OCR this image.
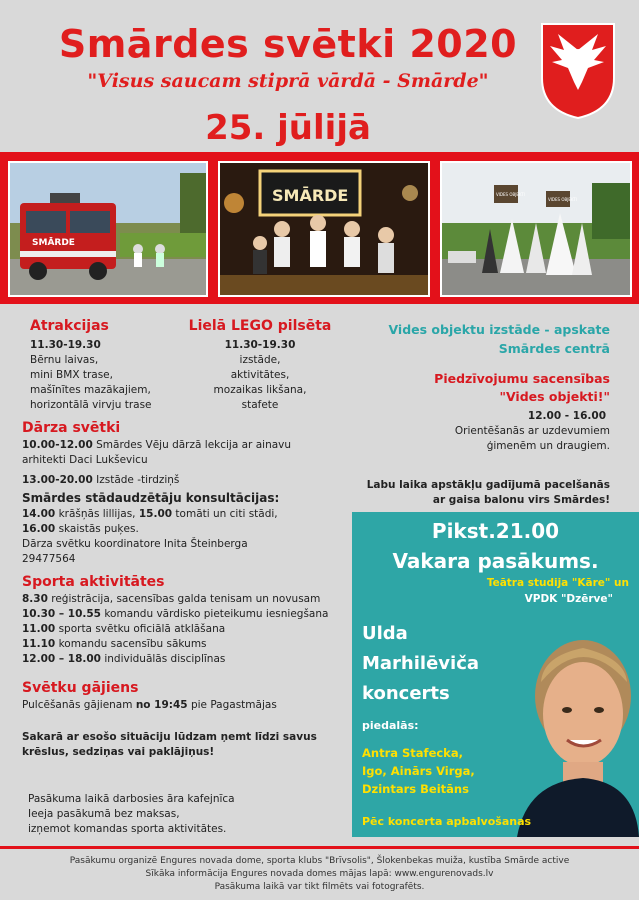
Smārdes svētki 2020
"Visus saucam stiprā vārdā - Smārde"
25. jūlijā
SMĀRDE
SMĀRDE	VIDES OBJEKTI
VIDES OBJEKTI
Atrakcijas
11.30-19.30
Bērnu laivas,
mini BMX trase,
mašīnītes mazākajiem,
horizontālā virvju trase
Lielā LEGO pilsēta
11.30-19.30
izstāde,
aktivitātes,
mozaikas likšana,
stafete
Vides objektu izstāde - apskate
Smārdes centrā
Piedzīvojumu sacensības
"Vides objekti!"
12.00 - 16.00
Orientēšanās ar uzdevumiem
ģimenēm un draugiem.
Labu laika apstākļu gadījumā pacelšanās
ar gaisa balonu virs Smārdes!
Dārza svētki
10.00-12.00 Smārdes Vēju dārzā lekcija ar ainavu
arhitekti Daci Lukševicu
13.00-20.00 Izstāde -tirdziņš
Smārdes stādaudzētāju konsultācijas:
14.00 krāšņās lillijas, 15.00 tomāti un citi stādi,
16.00 skaistās puķes.
Dārza svētku koordinatore Inita Šteinberga
29477564
Sporta aktivitātes
8.30 reģistrācija, sacensības galda tenisam un novusam
10.30 – 10.55 komandu vārdisko pieteikumu iesniegšana
11.00 sporta svētku oficiālā atklāšana
11.10 komandu sacensību sākums
12.00 – 18.00 individuālās disciplīnas
Svētku gājiens
Pulcēšanās gājienam no 19:45 pie Pagastmājas
Sakarā ar esošo situāciju lūdzam ņemt līdzi savus
krēslus, sedziņas vai paklājiņus!
Pasākuma laikā darbosies āra kafejnīca
Ieeja pasākumā bez maksas,
izņemot komandas sporta aktivitātes.
Pikst.21.00
Vakara pasākums.
Teātra studija "Kāre" un
VPDK "Dzērve"
Ulda
Marhilēviča
koncerts
piedalās:
Antra Stafecka,
Igo, Ainārs Virga,
Dzintars Beitāns
Pēc koncerta apbalvošanas
Pasākumu organizē Engures novada dome, sporta klubs "Brīvsolis", Šlokenbekas muiža, kustība Smārde active
Sīkāka informācija Engures novada domes mājas lapā: www.engurenovads.lv
Pasākuma laikā var tikt filmēts vai fotografēts.
